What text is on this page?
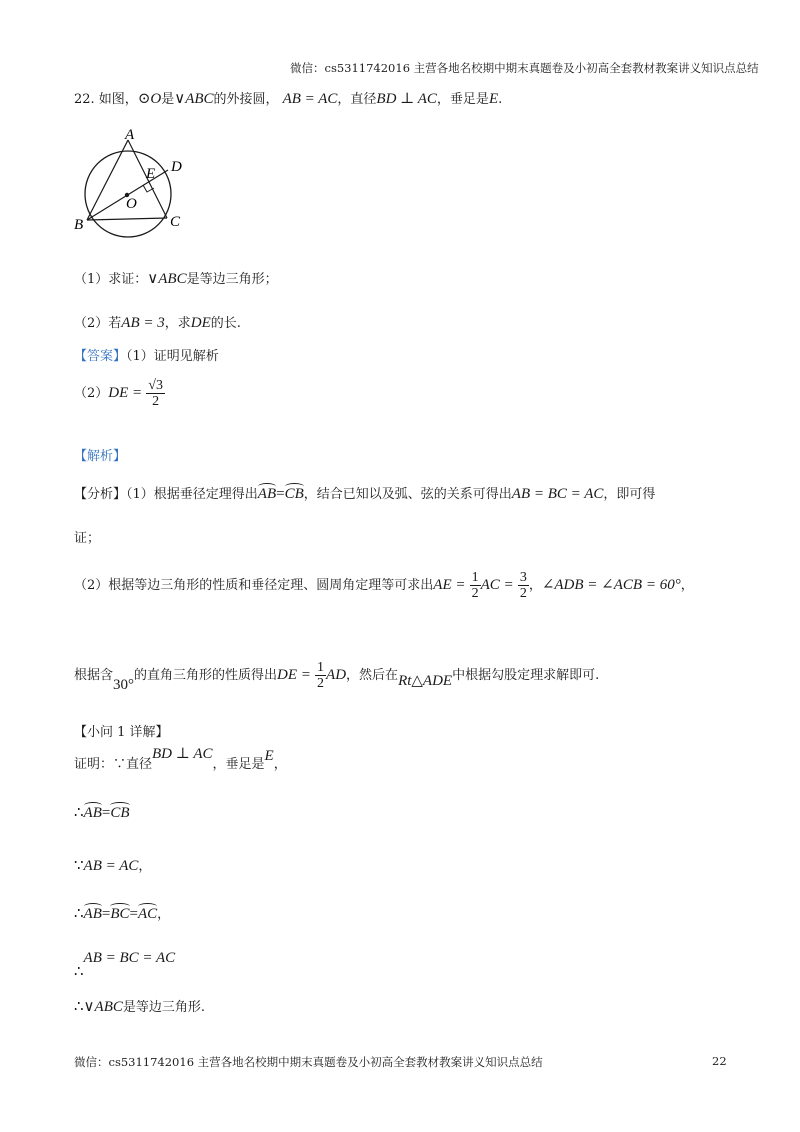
微信：cs5311742016 主营各地名校期中期末真题卷及小初高全套教材教案讲义知识点总结
22. 如图，⊙O是∨ABC的外接圆， AB = AC，直径BD ⊥ AC，垂足是E.
A
B	C
D
E
O
（1）求证：∨ABC是等边三角形；
（2）若AB = 3，求DE的长.
【答案】（1）证明见解析
$(2)DE = \frac{√3}{2}$
【解析】
【分析】（1）根据垂径定理得出AB=CB，结合已知以及弧、弦的关系可得出AB = BC = AC，即可得
证；
（2）根据等边三角形的性质和垂径定理、圆周角定理等可求出AE = $\frac{1}{2}$ AC = $\frac{3}{2}$ ，∠ADB = ∠ACB = 60°，
根据含30°的直角三角形的性质得出DE = $\frac{1}{2}$ AD，然后在Rt△ADE中根据勾股定理求解即可.
【小问 1 详解】
证明：∵直径BD ⊥ AC，垂足是E，
∴AB=CB
∵AB = AC，
∴AB=BC=AC，
∴AB = BC = AC
∴∨ABC是等边三角形.
微信：cs5311742016 主营各地名校期中期末真题卷及小初高全套教材教案讲义知识点总结	22
